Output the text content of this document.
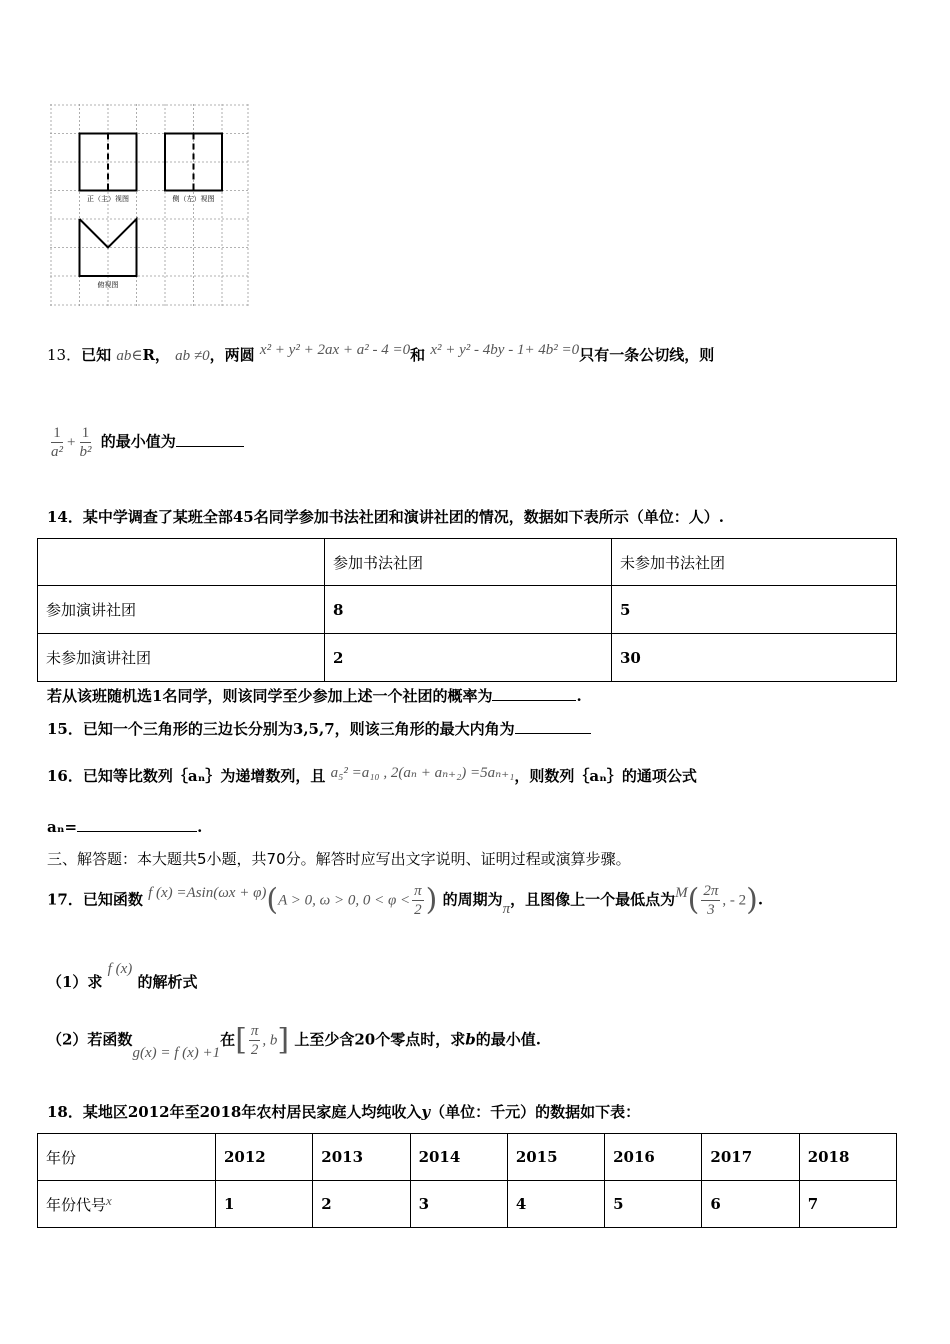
正（主）视图	侧（左）视图
俯视图
13．已知 ab∈R， ab ≠0，两圆 x² + y² + 2ax + a² - 4 =0和 x² + y² - 4by - 1+ 4b² =0只有一条公切线，则
$\frac{1}{\text{a²}} + \frac{1}{\text{b²}}$ 的最小值为
14．某中学调查了某班全部45名同学参加书法社团和演讲社团的情况，数据如下表所示（单位：人）.
	参加书法社团	未参加书法社团
参加演讲社团	8	5
未参加演讲社团	2	30
若从该班随机选1名同学，则该同学至少参加上述一个社团的概率为	.
15．已知一个三角形的三边长分别为3,5,7，则该三角形的最大内角为
16．已知等比数列｛aₙ｝为递增数列，且 a₅² =a₁₀ , 2(aₙ + aₙ₊₂) =5aₙ₊₁，则数列｛aₙ｝的通项公式
aₙ=	.
三、解答题：本大题共5小题，共70分。解答时应写出文字说明、证明过程或演算步骤。
17．已知函数 f (x) =Asin(ωx + φ)(A > 0, ω > 0, $0 < \varphi < \frac{\pi}{2}$ ) 的周期为π，且图像上一个最低点为$M( \frac{2\pi}{3}$ , - 2).
（1）求 f (x) 的解析式
（2）若函数g(x) = f (x) +1在[ $\frac{\pi}{2}$ , b] 上至少含20个零点时，求b的最小值.
18．某地区2012年至2018年农村居民家庭人均纯收入y（单位：千元）的数据如下表：
年份	2012	2013	2014	2015	2016	2017	2018
年份代号x	1	2	3	4	5	6	7
